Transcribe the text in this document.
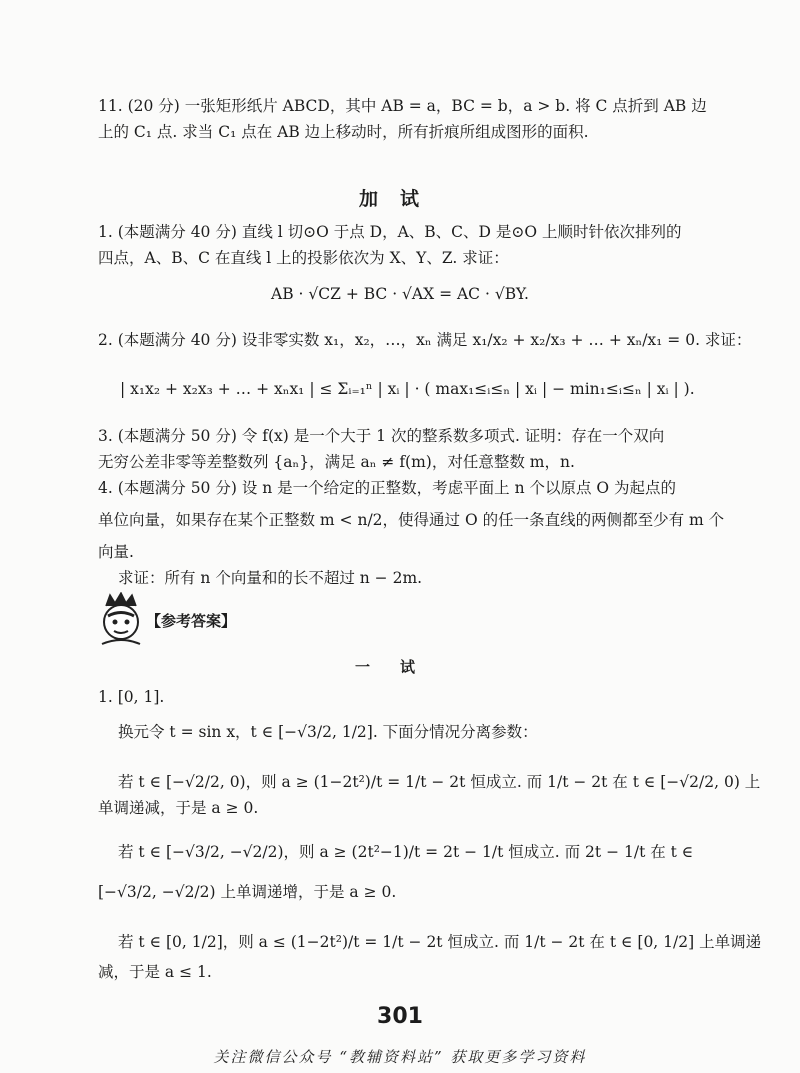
11. (20 分) 一张矩形纸片 ABCD，其中 AB = a，BC = b，a > b. 将 C 点折到 AB 边
上的 C₁ 点. 求当 C₁ 点在 AB 边上移动时，所有折痕所组成图形的面积.
加试
1. (本题满分 40 分) 直线 l 切⊙O 于点 D，A、B、C、D 是⊙O 上顺时针依次排列的
四点，A、B、C 在直线 l 上的投影依次为 X、Y、Z. 求证：
AB · √CZ + BC · √AX = AC · √BY.
2. (本题满分 40 分) 设非零实数 x₁，x₂，…，xₙ 满足 x₁/x₂ + x₂/x₃ + … + xₙ/x₁ = 0. 求证：
| x₁x₂ + x₂x₃ + … + xₙx₁ | ≤ Σᵢ₌₁ⁿ | xᵢ | · ( max₁≤ᵢ≤ₙ | xᵢ | − min₁≤ᵢ≤ₙ | xᵢ | ).
3. (本题满分 50 分) 令 f(x) 是一个大于 1 次的整系数多项式. 证明：存在一个双向
无穷公差非零等差整数列 {aₙ}，满足 aₙ ≠ f(m)，对任意整数 m，n.
4. (本题满分 50 分) 设 n 是一个给定的正整数，考虑平面上 n 个以原点 O 为起点的
单位向量，如果存在某个正整数 m < n/2，使得通过 O 的任一条直线的两侧都至少有 m 个
向量.
求证：所有 n 个向量和的长不超过 n − 2m.
【参考答案】
一试
1. [0, 1].
换元令 t = sin x，t ∈ [−√3/2, 1/2]. 下面分情况分离参数：
若 t ∈ [−√2/2, 0)，则 a ≥ (1−2t²)/t = 1/t − 2t 恒成立. 而 1/t − 2t 在 t ∈ [−√2/2, 0) 上
单调递减，于是 a ≥ 0.
若 t ∈ [−√3/2, −√2/2)，则 a ≥ (2t²−1)/t = 2t − 1/t 恒成立. 而 2t − 1/t 在 t ∈
[−√3/2, −√2/2) 上单调递增，于是 a ≥ 0.
若 t ∈ [0, 1/2]，则 a ≤ (1−2t²)/t = 1/t − 2t 恒成立. 而 1/t − 2t 在 t ∈ [0, 1/2] 上单调递
减，于是 a ≤ 1.
301
关注微信公众号 “教辅资料站” 获取更多学习资料
